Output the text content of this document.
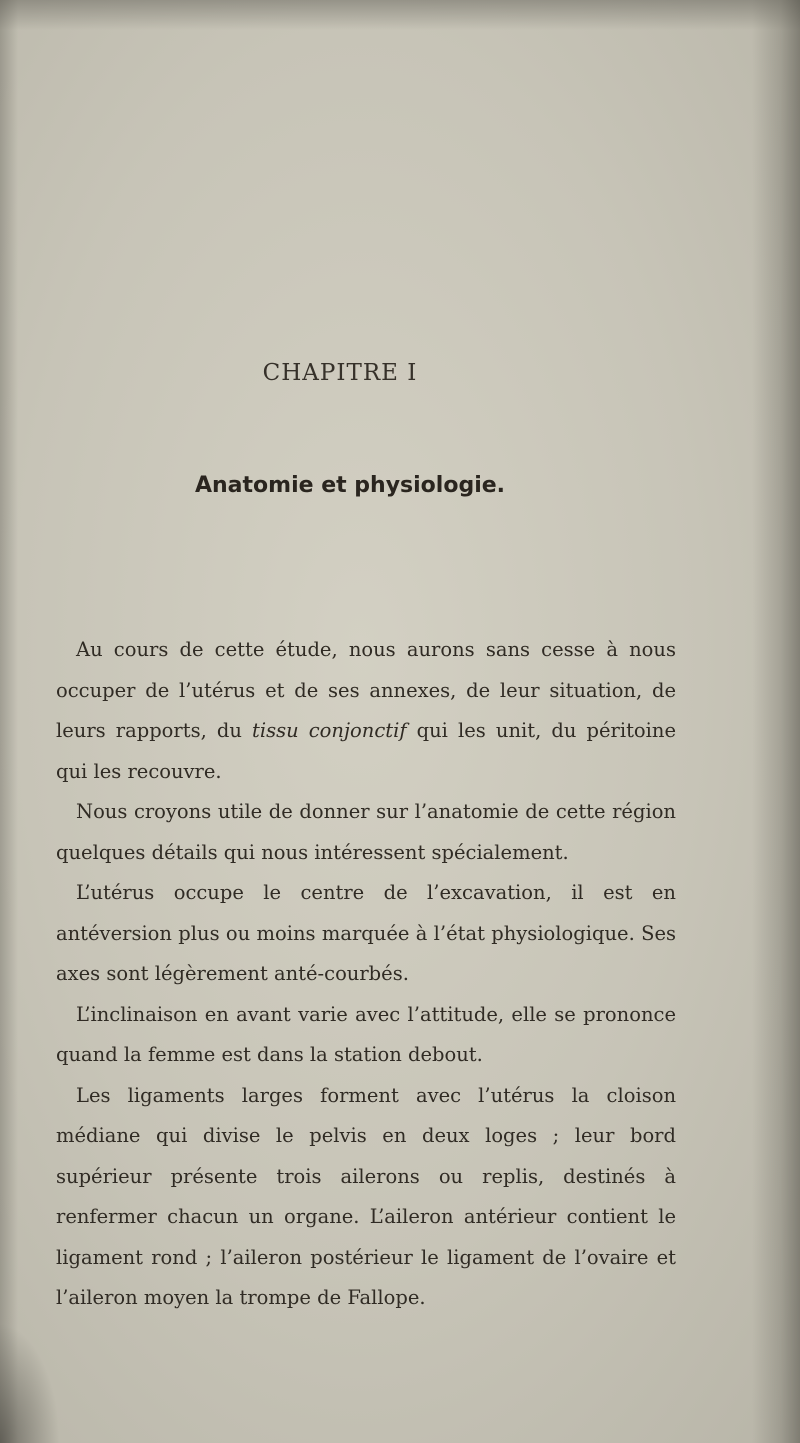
CHAPITRE I
Anatomie et physiologie.

Au cours de cette étude, nous aurons sans cesse à nous occuper de l’utérus et de ses annexes, de leur situation, de leurs rapports, du tissu conjonctif qui les unit, du péritoine qui les recouvre.

Nous croyons utile de donner sur l’anatomie de cette région quelques détails qui nous intéressent spécialement.

L’utérus occupe le centre de l’excavation, il est en antéversion plus ou moins marquée à l’état physiologique. Ses axes sont légèrement anté-courbés.

L’inclinaison en avant varie avec l’attitude, elle se prononce quand la femme est dans la station debout.

Les ligaments larges forment avec l’utérus la cloison médiane qui divise le pelvis en deux loges ; leur bord supérieur présente trois ailerons ou replis, destinés à renfermer chacun un organe. L’aileron antérieur contient le ligament rond ; l’aileron postérieur le ligament de l’ovaire et l’aileron moyen la trompe de Fallope.
